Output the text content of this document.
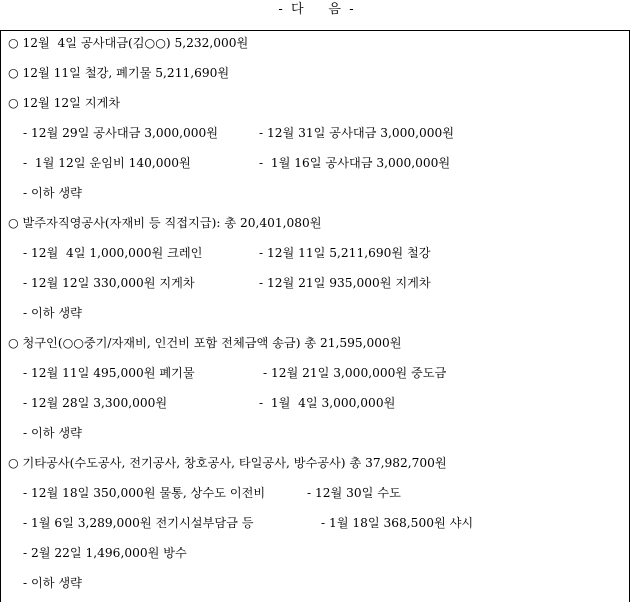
-  다      음  -
○ 12월  4일 공사대금(김○○) 5,232,000원
○ 12월 11일 철강, 폐기물 5,211,690원
○ 12월 12일 지게차
- 12월 29일 공사대금 3,000,000원	- 12월 31일 공사대금 3,000,000원
-  1월 12일 운임비 140,000원	-  1월 16일 공사대금 3,000,000원
- 이하 생략
○ 발주자직영공사(자재비 등 직접지급): 총 20,401,080원
- 12월  4일 1,000,000원 크레인	- 12월 11일 5,211,690원 철강
- 12월 12일 330,000원 지게차	- 12월 21일 935,000원 지게차
- 이하 생략
○ 청구인(○○중기/자재비, 인건비 포함 전체금액 송금) 총 21,595,000원
- 12월 11일 495,000원 폐기물	- 12월 21일 3,000,000원 중도금
- 12월 28일 3,300,000원	-  1월  4일 3,000,000원
- 이하 생략
○ 기타공사(수도공사, 전기공사, 창호공사, 타일공사, 방수공사) 총 37,982,700원
- 12월 18일 350,000원 물통, 상수도 이전비	- 12월 30일 수도
- 1월 6일 3,289,000원 전기시설부담금 등	- 1월 18일 368,500원 샤시
- 2월 22일 1,496,000원 방수
- 이하 생략
